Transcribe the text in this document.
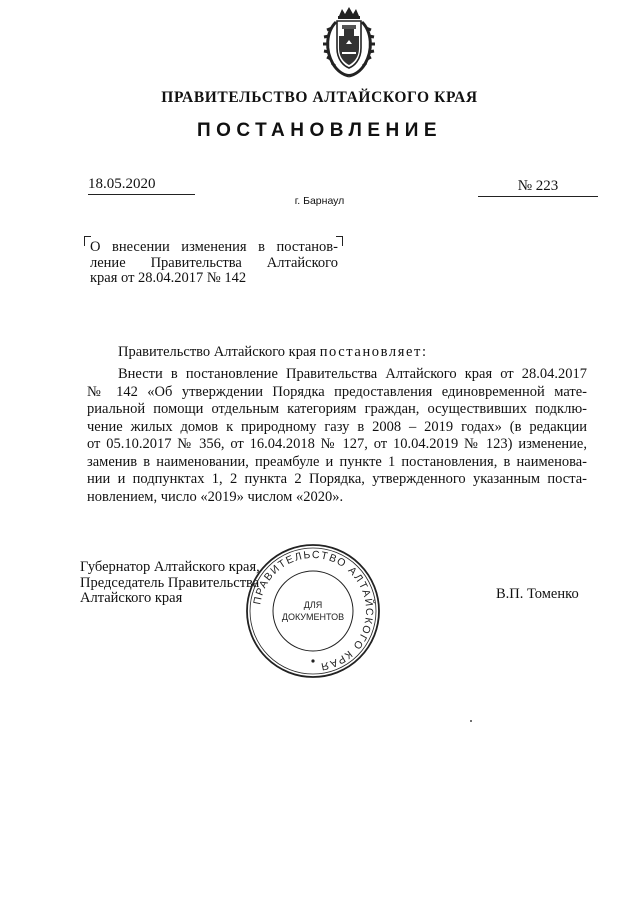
ПРАВИТЕЛЬСТВО АЛТАЙСКОГО КРАЯ
ПОСТАНОВЛЕНИЕ
18.05.2020
г. Барнаул
№ 223
О внесении изменения в постанов-
ление Правительства Алтайского
края от 28.04.2017 № 142
Правительство Алтайского края постановляет:
Внести в постановление Правительства Алтайского края от 28.04.2017
№ 142 «Об утверждении Порядка предоставления единовременной мате-
риальной помощи отдельным категориям граждан, осуществивших подклю-
чение жилых домов к природному газу в 2008 – 2019 годах» (в редакции
от 05.10.2017 № 356, от 16.04.2018 № 127, от 10.04.2019 № 123) изменение,
заменив в наименовании, преамбуле и пункте 1 постановления, в наименова-
нии и подпунктах 1, 2 пункта 2 Порядка, утвержденного указанным поста-
новлением, число «2019» числом «2020».
Губернатор Алтайского края,
Председатель Правительства
Алтайского края	В.П. Томенко
ПРАВИТЕЛЬСТВО АЛТАЙСКОГО КРАЯ
ДЛЯ
ДОКУМЕНТОВ
